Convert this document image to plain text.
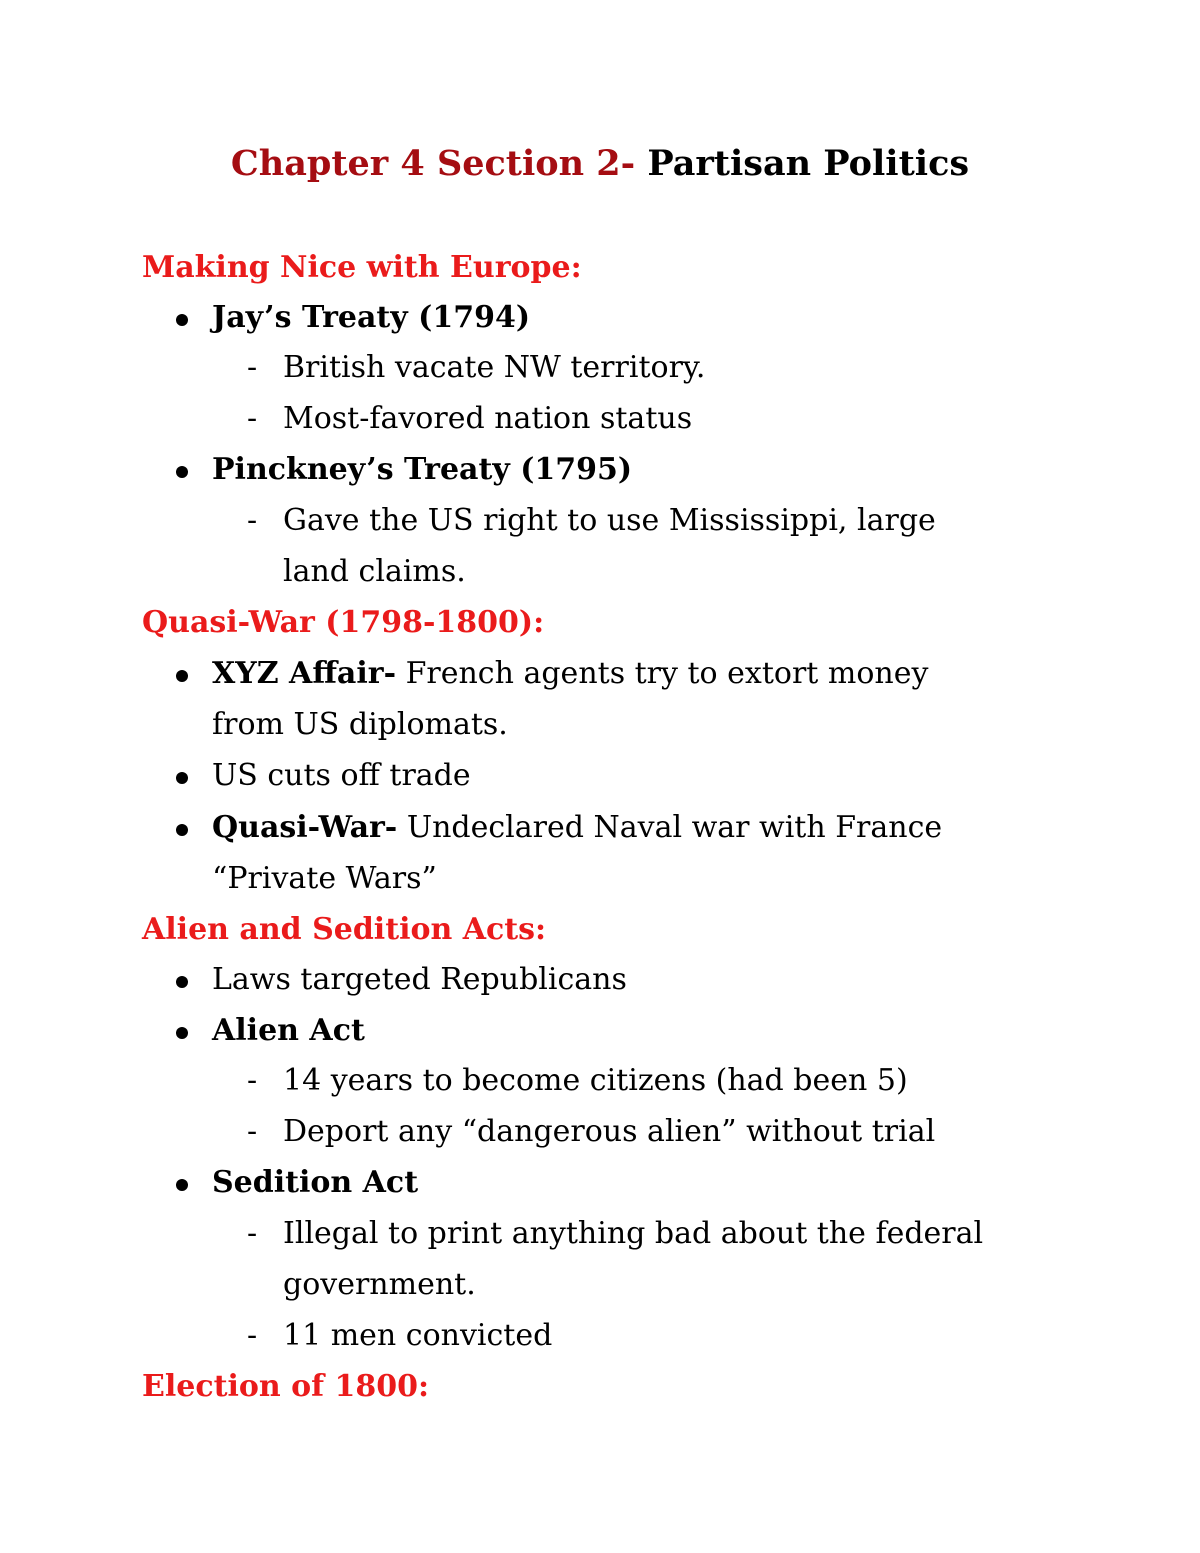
Chapter 4 Section 2- Partisan Politics
Making Nice with Europe:
Jay’s Treaty (1794)
- British vacate NW territory.
- Most-favored nation status
Pinckney’s Treaty (1795)
- Gave the US right to use Mississippi, large
land claims.
Quasi-War (1798-1800):
XYZ Affair- French agents try to extort money
from US diplomats.
US cuts off trade
Quasi-War- Undeclared Naval war with France
“Private Wars”
Alien and Sedition Acts:
Laws targeted Republicans
Alien Act
- 14 years to become citizens (had been 5)
- Deport any “dangerous alien” without trial
Sedition Act
- Illegal to print anything bad about the federal
government.
- 11 men convicted
Election of 1800:
